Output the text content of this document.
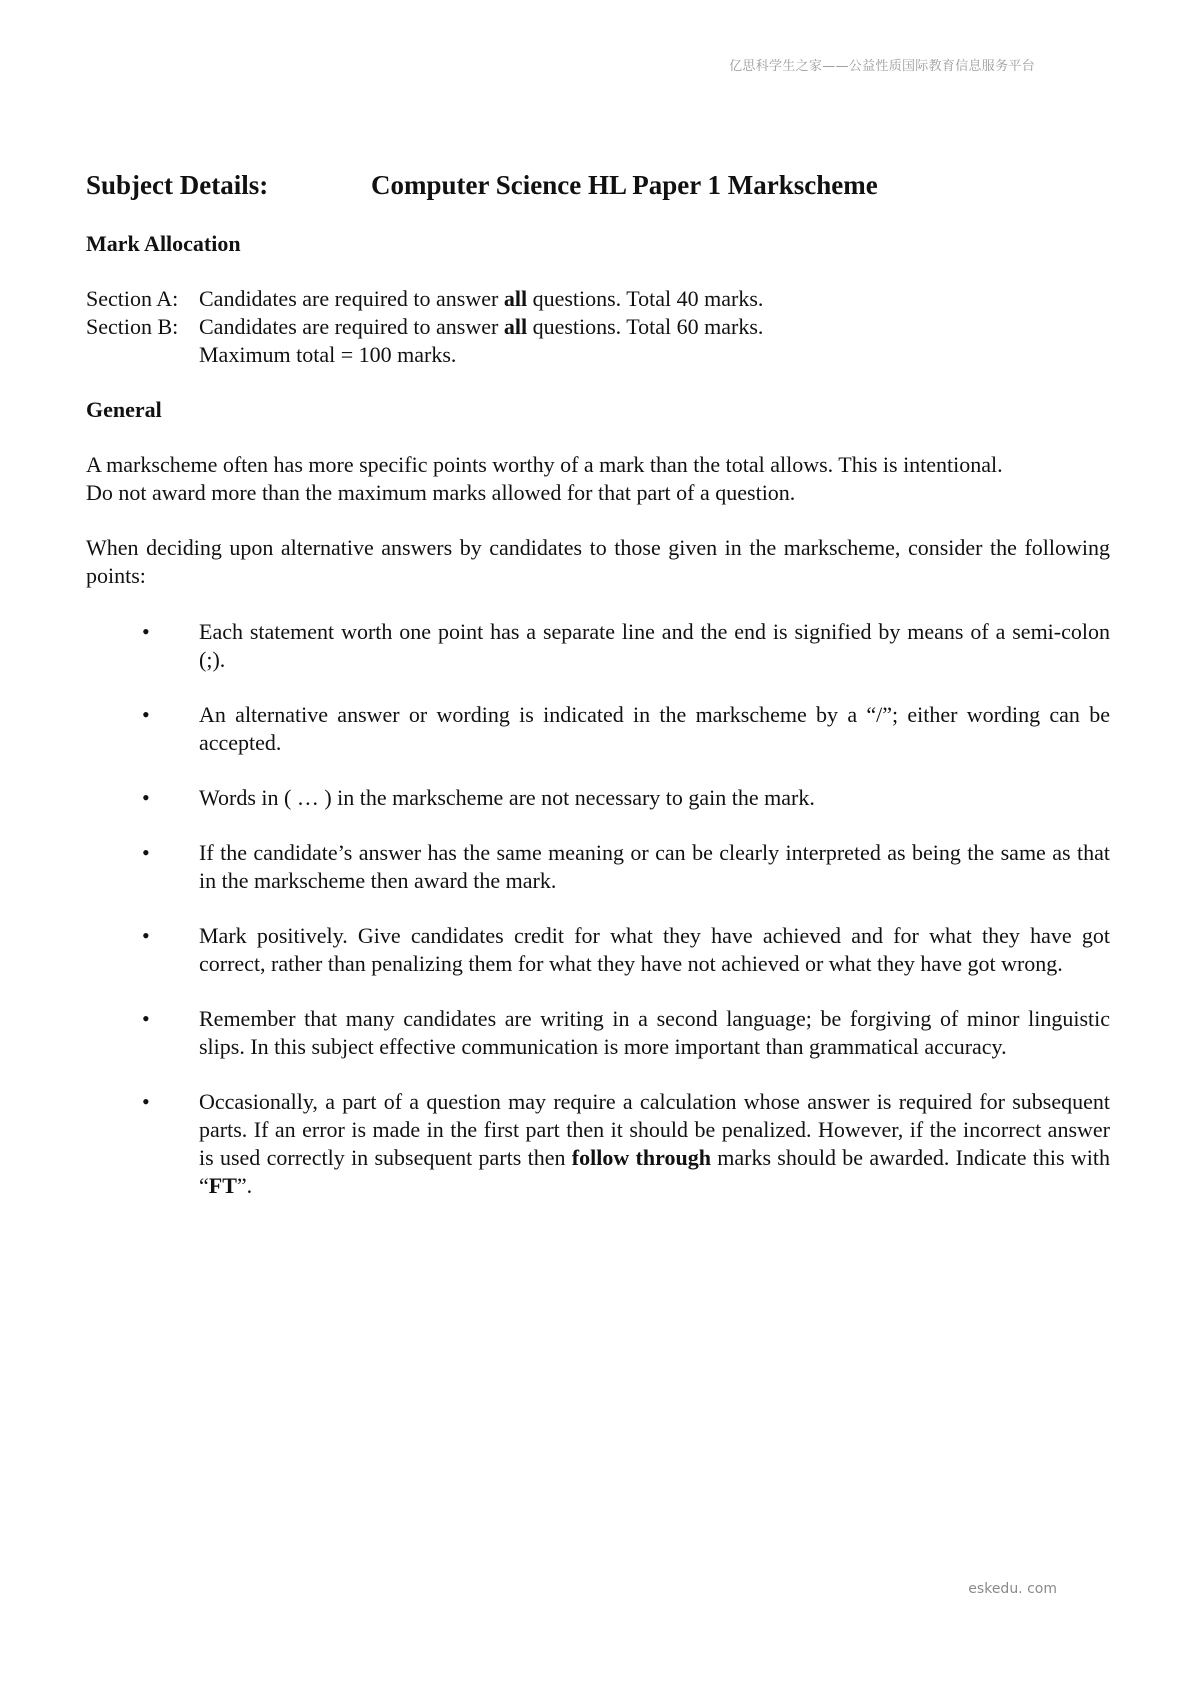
亿思科学生之家——公益性质国际教育信息服务平台
Subject Details:	Computer Science HL Paper 1 Markscheme
Mark Allocation
Section A: Candidates are required to answer all questions. Total 40 marks.
Section B: Candidates are required to answer all questions. Total 60 marks.
Maximum total = 100 marks.
General

A markscheme often has more specific points worthy of a mark than the total allows. This is intentional.
Do not award more than the maximum marks allowed for that part of a question.

When deciding upon alternative answers by candidates to those given in the markscheme, consider the following points:

•	Each statement worth one point has a separate line and the end is signified by means of a semi-colon (;).
•	An alternative answer or wording is indicated in the markscheme by a “/”; either wording can be accepted.
•	Words in ( … ) in the markscheme are not necessary to gain the mark.
•	If the candidate’s answer has the same meaning or can be clearly interpreted as being the same as that in the markscheme then award the mark.
•	Mark positively. Give candidates credit for what they have achieved and for what they have got correct, rather than penalizing them for what they have not achieved or what they have got wrong.
•	Remember that many candidates are writing in a second language; be forgiving of minor linguistic slips. In this subject effective communication is more important than grammatical accuracy.
•	Occasionally, a part of a question may require a calculation whose answer is required for subsequent parts. If an error is made in the first part then it should be penalized. However, if the incorrect answer is used correctly in subsequent parts then follow through marks should be awarded. Indicate this with “FT”.
eskedu. com
